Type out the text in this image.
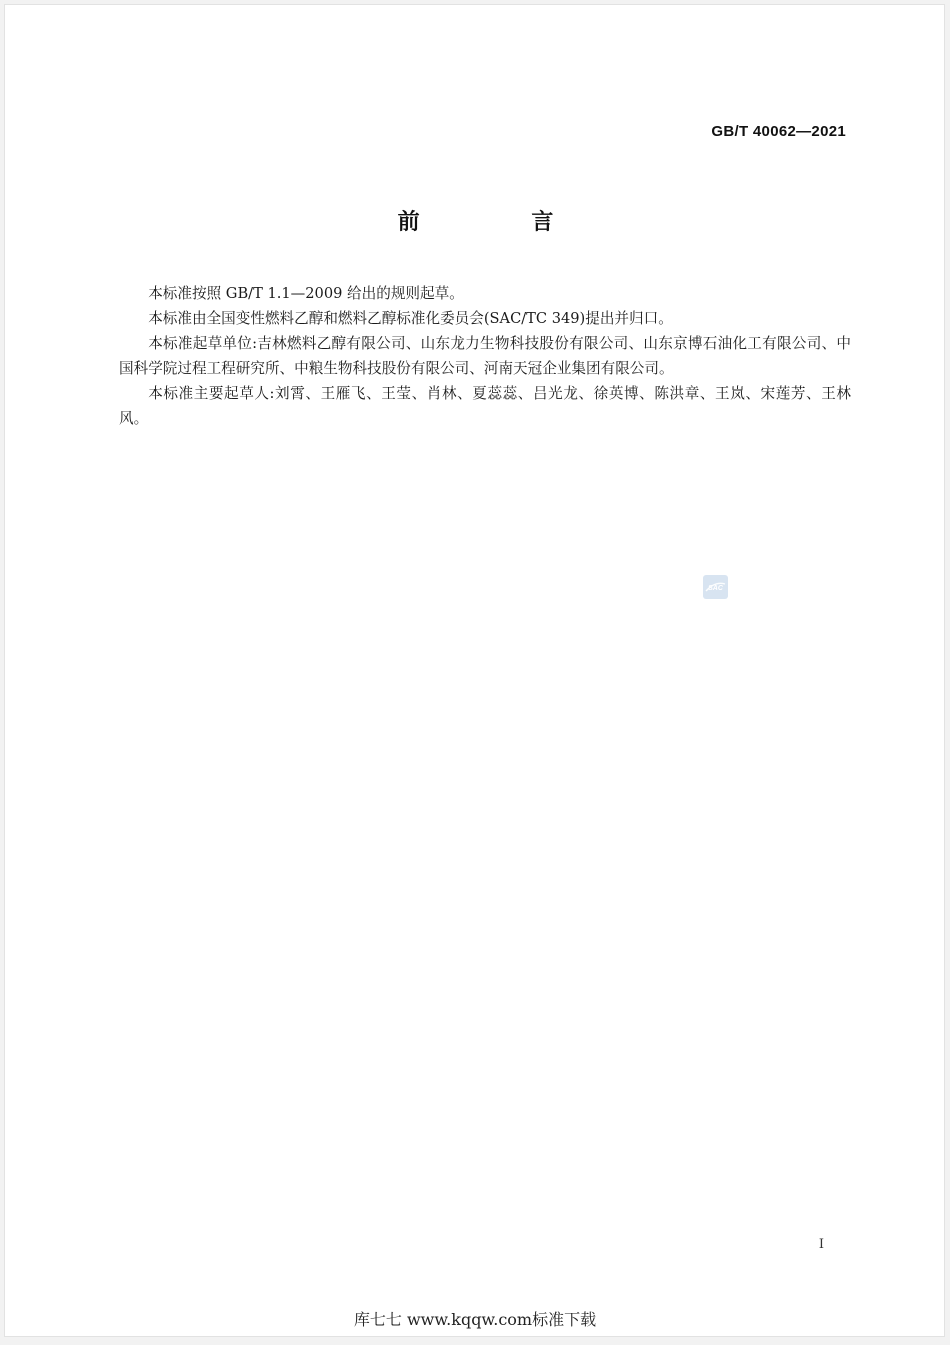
GB/T 40062—2021
前 言

本标准按照 GB/T 1.1—2009 给出的规则起草。

本标准由全国变性燃料乙醇和燃料乙醇标准化委员会(SAC/TC 349)提出并归口。

本标准起草单位:吉林燃料乙醇有限公司、山东龙力生物科技股份有限公司、山东京博石油化工有限公司、中国科学院过程工程研究所、中粮生物科技股份有限公司、河南天冠企业集团有限公司。

本标准主要起草人:刘霄、王雁飞、王莹、肖林、夏蕊蕊、吕光龙、徐英博、陈洪章、王岚、宋莲芳、王林风。

SAC
I
库七七 www.kqqw.com标准下载
